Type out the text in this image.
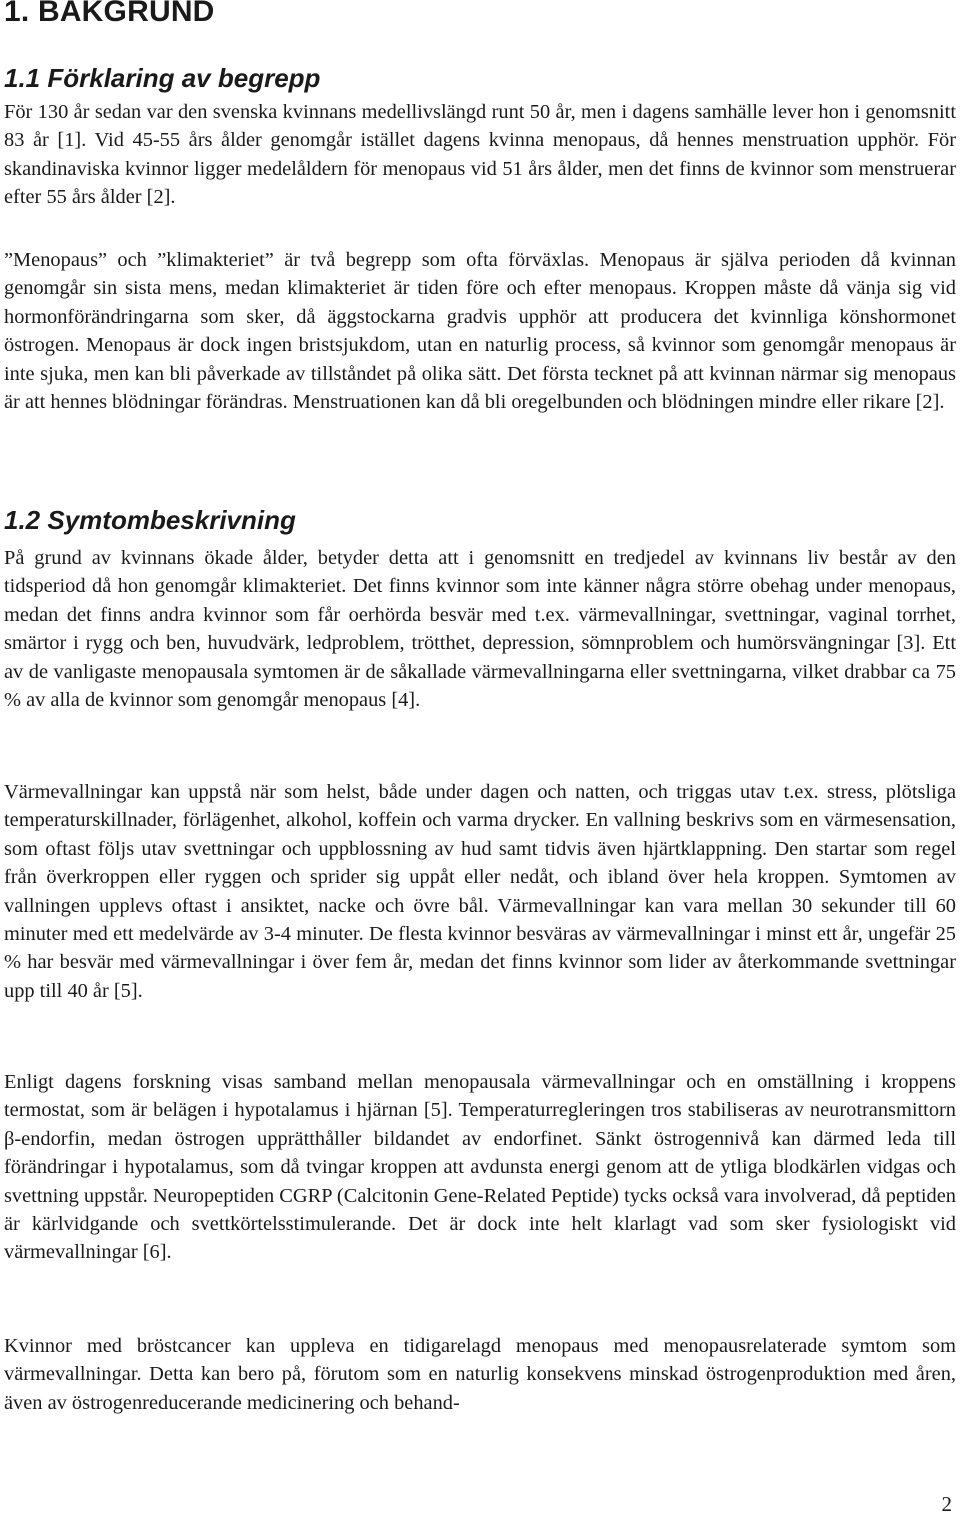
1. BAKGRUND
1.1 Förklaring av begrepp

För 130 år sedan var den svenska kvinnans medellivslängd runt 50 år, men i dagens samhälle lever hon i genomsnitt 83 år [1]. Vid 45-55 års ålder genomgår istället dagens kvinna menopaus, då hennes menstruation upphör. För skandinaviska kvinnor ligger medelåldern för menopaus vid 51 års ålder, men det finns de kvinnor som menstruerar efter 55 års ålder [2].

”Menopaus” och ”klimakteriet” är två begrepp som ofta förväxlas. Menopaus är själva perioden då kvinnan genomgår sin sista mens, medan klimakteriet är tiden före och efter menopaus. Kroppen måste då vänja sig vid hormonförändringarna som sker, då äggstockarna gradvis upphör att producera det kvinnliga könshormonet östrogen. Menopaus är dock ingen bristsjukdom, utan en naturlig process, så kvinnor som genomgår menopaus är inte sjuka, men kan bli påverkade av tillståndet på olika sätt. Det första tecknet på att kvinnan närmar sig menopaus är att hennes blödningar förändras. Menstruationen kan då bli oregelbunden och blödningen mindre eller rikare [2].

1.2 Symtombeskrivning

På grund av kvinnans ökade ålder, betyder detta att i genomsnitt en tredjedel av kvinnans liv består av den tidsperiod då hon genomgår klimakteriet. Det finns kvinnor som inte känner några större obehag under menopaus, medan det finns andra kvinnor som får oerhörda besvär med t.ex. värmevallningar, svettningar, vaginal torrhet, smärtor i rygg och ben, huvudvärk, ledproblem, trötthet, depression, sömnproblem och humörsvängningar [3]. Ett av de vanligaste menopausala symtomen är de såkallade värmevallningarna eller svettningarna, vilket drabbar ca 75 % av alla de kvinnor som genomgår menopaus [4].

Värmevallningar kan uppstå när som helst, både under dagen och natten, och triggas utav t.ex. stress, plötsliga temperaturskillnader, förlägenhet, alkohol, koffein och varma drycker. En vallning beskrivs som en värmesensation, som oftast följs utav svettningar och uppblossning av hud samt tidvis även hjärtklappning. Den startar som regel från överkroppen eller ryggen och sprider sig uppåt eller nedåt, och ibland över hela kroppen. Symtomen av vallningen upplevs oftast i ansiktet, nacke och övre bål. Värmevallningar kan vara mellan 30 sekunder till 60 minuter med ett medelvärde av 3-4 minuter. De flesta kvinnor besväras av värmevallningar i minst ett år, ungefär 25 % har besvär med värmevallningar i över fem år, medan det finns kvinnor som lider av återkommande svettningar upp till 40 år [5].

Enligt dagens forskning visas samband mellan menopausala värmevallningar och en omställning i kroppens termostat, som är belägen i hypotalamus i hjärnan [5]. Temperaturregleringen tros stabiliseras av neurotransmittorn β-endorfin, medan östrogen upprätthåller bildandet av endorfinet. Sänkt östrogennivå kan därmed leda till förändringar i hypotalamus, som då tvingar kroppen att avdunsta energi genom att de ytliga blodkärlen vidgas och svettning uppstår. Neuropeptiden CGRP (Calcitonin Gene-Related Peptide) tycks också vara involverad, då peptiden är kärlvidgande och svettkörtelsstimulerande. Det är dock inte helt klarlagt vad som sker fysiologiskt vid värmevallningar [6].

Kvinnor med bröstcancer kan uppleva en tidigarelagd menopaus med menopausrelaterade symtom som värmevallningar. Detta kan bero på, förutom som en naturlig konsekvens minskad östrogenproduktion med åren, även av östrogenreducerande medicinering och behand-

2
